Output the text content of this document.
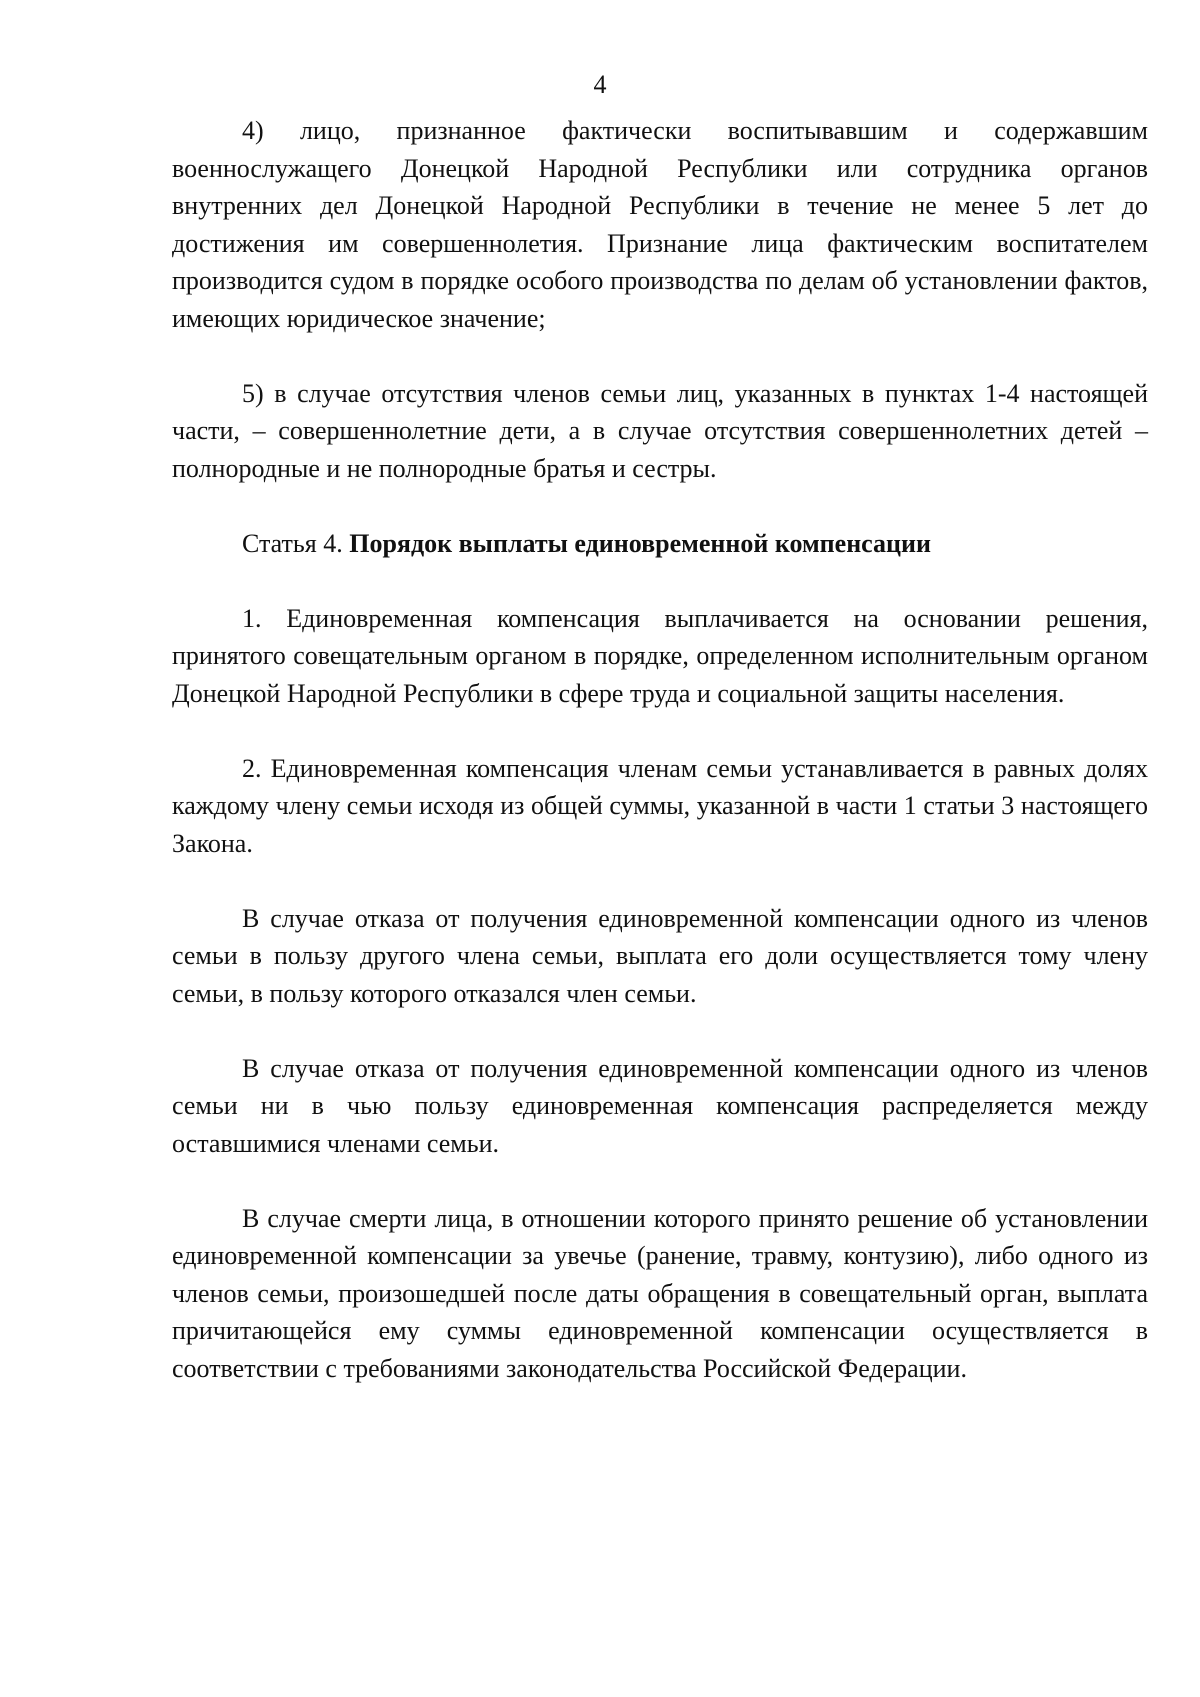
4

4) лицо, признанное фактически воспитывавшим и содержавшим военнослужащего Донецкой Народной Республики или сотрудника органов внутренних дел Донецкой Народной Республики в течение не менее 5 лет до достижения им совершеннолетия. Признание лица фактическим воспитателем производится судом в порядке особого производства по делам об установлении фактов, имеющих юридическое значение;

5) в случае отсутствия членов семьи лиц, указанных в пунктах 1-4 настоящей части, – совершеннолетние дети, а в случае отсутствия совершеннолетних детей – полнородные и не полнородные братья и сестры.

Статья 4. Порядок выплаты единовременной компенсации

1. Единовременная компенсация выплачивается на основании решения, принятого совещательным органом в порядке, определенном исполнительным органом Донецкой Народной Республики в сфере труда и социальной защиты населения.

2. Единовременная компенсация членам семьи устанавливается в равных долях каждому члену семьи исходя из общей суммы, указанной в части 1 статьи 3 настоящего Закона.

В случае отказа от получения единовременной компенсации одного из членов семьи в пользу другого члена семьи, выплата его доли осуществляется тому члену семьи, в пользу которого отказался член семьи.

В случае отказа от получения единовременной компенсации одного из членов семьи ни в чью пользу единовременная компенсация распределяется между оставшимися членами семьи.

В случае смерти лица, в отношении которого принято решение об установлении единовременной компенсации за увечье (ранение, травму, контузию), либо одного из членов семьи, произошедшей после даты обращения в совещательный орган, выплата причитающейся ему суммы единовременной компенсации осуществляется в соответствии с требованиями законодательства Российской Федерации.
